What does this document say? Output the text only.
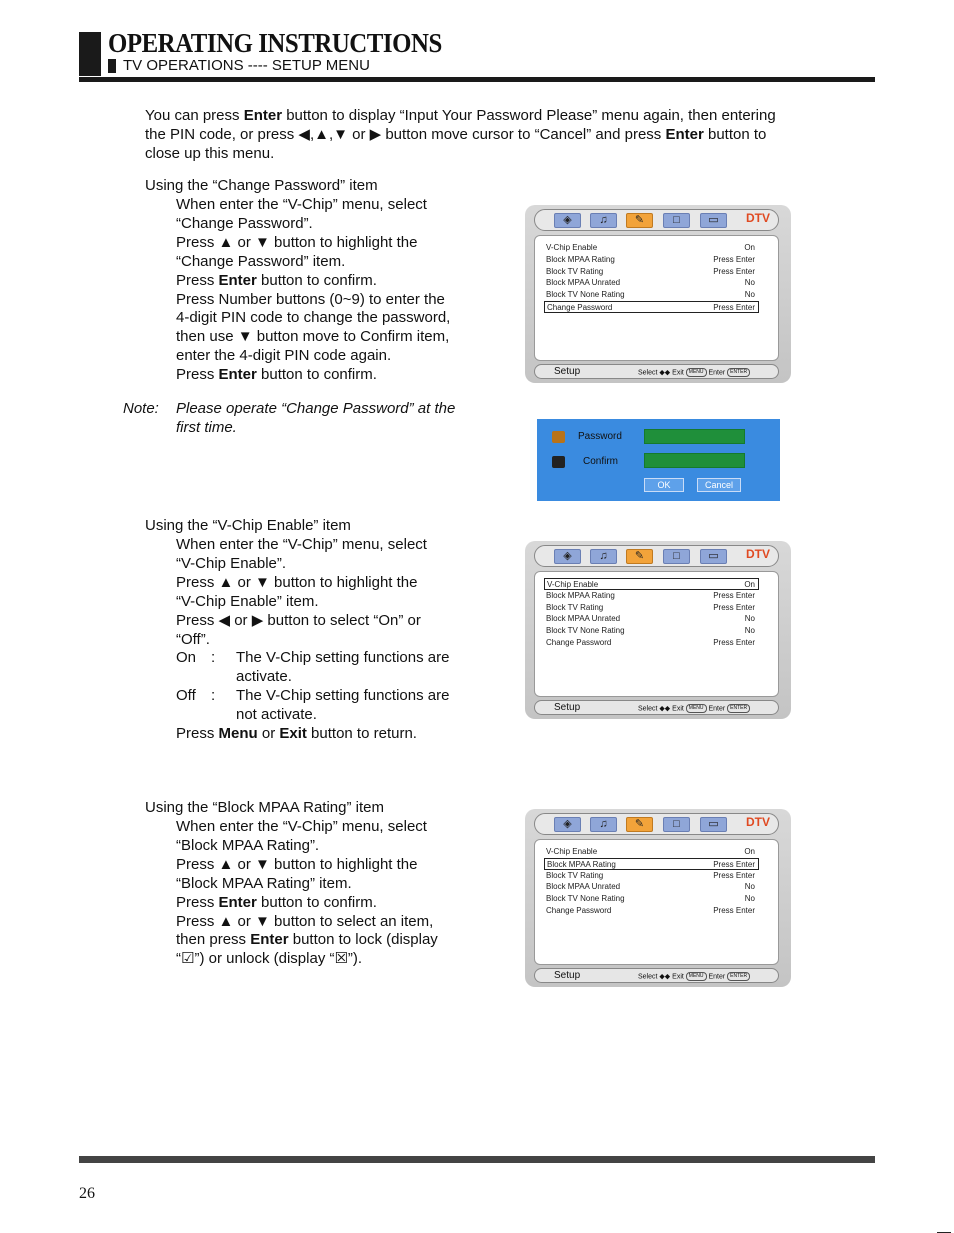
OPERATING INSTRUCTIONS
TV OPERATIONS ---- SETUP MENU

You can press Enter button to display “Input Your Password Please” menu again, then entering

the PIN code, or press ◀,▲,▼ or ▶ button move cursor to “Cancel” and press Enter button to

close up this menu.

Using the “Change Password” item
When enter the “V-Chip” menu, select
“Change Password”.
Press ▲ or ▼ button to highlight the
“Change Password” item.
Press Enter button to confirm.
Press Number buttons (0~9) to enter the
4-digit PIN code to change the password,
then use ▼ button move to Confirm item,
enter the 4-digit PIN code again.
Press Enter button to confirm.
Note: Please operate “Change Password” at the
first time.
Using the “V-Chip Enable” item
When enter the “V-Chip” menu, select
“V-Chip Enable”.
Press ▲ or ▼ button to highlight the
“V-Chip Enable” item.
Press ◀ or ▶ button to select “On” or
“Off”.
On :	The V-Chip setting functions are
activate.
Off	:	The V-Chip setting functions are
not activate.
Press Menu or Exit button to return.
Using the “Block MPAA Rating” item
When enter the “V-Chip” menu, select
“Block MPAA Rating”.
Press ▲ or ▼ button to highlight the
“Block MPAA Rating” item.
Press Enter button to confirm.
Press ▲ or ▼ button to select an item,
then press Enter button to lock (display
“☑”) or unlock (display “☒”).
◈	♫	✎	□	▭	DTV
V-Chip Enable	On
Block MPAA Rating	Press Enter
Block TV Rating	Press Enter
Block MPAA Unrated	No
Block TV None Rating	No
Change Password	Press Enter
Setup	Select ◆◆ Exit MENU Enter ENTER
◈	♫	✎	□	▭	DTV
V-Chip Enable	On
Block MPAA Rating	Press Enter
Block TV Rating	Press Enter
Block MPAA Unrated	No
Block TV None Rating	No
Change Password	Press Enter
Setup	Select ◆◆ Exit MENU Enter ENTER
◈	♫	✎	□	▭	DTV
V-Chip Enable	On
Block MPAA Rating	Press Enter
Block TV Rating	Press Enter
Block MPAA Unrated	No
Block TV None Rating	No
Change Password	Press Enter
Setup	Select ◆◆ Exit MENU Enter ENTER
Password
Confirm
OK	Cancel
26
